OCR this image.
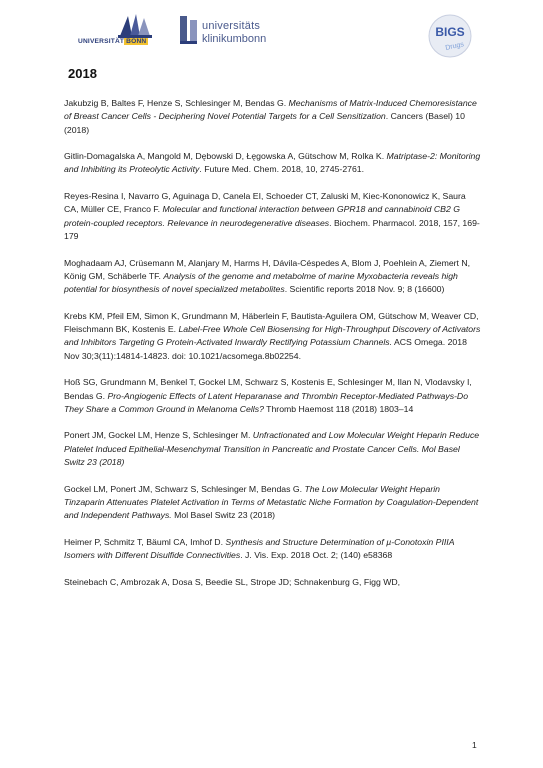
UNIVERSITÄT BONN
universitäts
klinikumbonn	BIGS
Drugs
2018
Jakubzig B, Baltes F, Henze S, Schlesinger M, Bendas G. Mechanisms of Matrix-Induced Chemoresistance of Breast Cancer Cells - Deciphering Novel Potential Targets for a Cell Sensitization. Cancers (Basel) 10 (2018)
Gitlin-Domagalska A, Mangold M, Dębowski D, Łęgowska A, Gütschow M, Rolka K. Matriptase-2: Monitoring and Inhibiting its Proteolytic Activity. Future Med. Chem. 2018, 10, 2745-2761.
Reyes-Resina I, Navarro G, Aguinaga D, Canela EI, Schoeder CT, Zaluski M, Kiec-Kononowicz K, Saura CA, Müller CE, Franco F. Molecular and functional interaction between GPR18 and cannabinoid CB2 G protein-coupled receptors. Relevance in neurodegenerative diseases. Biochem. Pharmacol. 2018, 157, 169-179
Moghadaam AJ, Crüsemann M, Alanjary M, Harms H, Dávila-Céspedes A, Blom J, Poehlein A, Ziemert N, König GM, Schäberle TF. Analysis of the genome and metabolme of marine Myxobacteria reveals high potential for biosynthesis of novel specialized metabolites. Scientific reports 2018 Nov. 9; 8 (16600)
Krebs KM, Pfeil EM, Simon K, Grundmann M, Häberlein F, Bautista-Aguilera OM, Gütschow M, Weaver CD, Fleischmann BK, Kostenis E. Label-Free Whole Cell Biosensing for High-Throughput Discovery of Activators and Inhibitors Targeting G Protein-Activated Inwardly Rectifying Potassium Channels. ACS Omega. 2018 Nov 30;3(11):14814-14823. doi: 10.1021/acsomega.8b02254.
Hoß SG, Grundmann M, Benkel T, Gockel LM, Schwarz S, Kostenis E, Schlesinger M, Ilan N, Vlodavsky I, Bendas G. Pro-Angiogenic Effects of Latent Heparanase and Thrombin Receptor-Mediated Pathways-Do They Share a Common Ground in Melanoma Cells? Thromb Haemost 118 (2018) 1803–14
Ponert JM, Gockel LM, Henze S, Schlesinger M. Unfractionated and Low Molecular Weight Heparin Reduce Platelet Induced Epithelial-Mesenchymal Transition in Pancreatic and Prostate Cancer Cells. Mol Basel Switz 23 (2018)
Gockel LM, Ponert JM, Schwarz S, Schlesinger M, Bendas G. The Low Molecular Weight Heparin Tinzaparin Attenuates Platelet Activation in Terms of Metastatic Niche Formation by Coagulation-Dependent and Independent Pathways. Mol Basel Switz 23 (2018)
Heimer P, Schmitz T, Bäuml CA, Imhof D. Synthesis and Structure Determination of µ-Conotoxin PIIIA Isomers with Different Disulfide Connectivities. J. Vis. Exp. 2018 Oct. 2; (140) e58368
Steinebach C, Ambrozak A, Dosa S, Beedie SL, Strope JD; Schnakenburg G, Figg WD,
1
